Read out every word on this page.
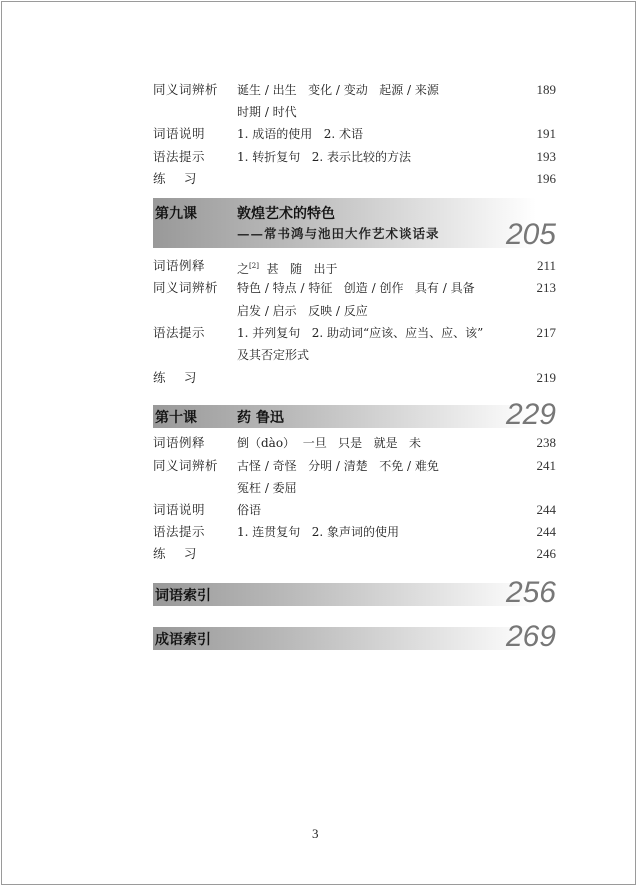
同义词辨析 诞生 / 出生   变化 / 变动   起源 / 来源	189
时期 / 时代
词语说明	1. 成语的使用   2. 术语	191
语法提示	1. 转折复句   2. 表示比较的方法	193
练    习	196
第九课	敦煌艺术的特色
——常书鸿与池田大作艺术谈话录 205
词语例释	之[2]  甚   随   出于	211
同义词辨析 特色 / 特点 / 特征   创造 / 创作   具有 / 具备	213
启发 / 启示   反映 / 反应
语法提示	1. 并列复句   2. 助动词“应该、应当、应、该”	217
及其否定形式
练    习	219
第十课	药 鲁迅	229
词语例释	倒（dào）  一旦   只是   就是   未	238
同义词辨析 古怪 / 奇怪   分明 / 清楚   不免 / 难免	241
冤枉 / 委屈
词语说明	俗语	244
语法提示	1. 连贯复句   2. 象声词的使用	244
练    习	246
词语索引	256
成语索引	269
3
